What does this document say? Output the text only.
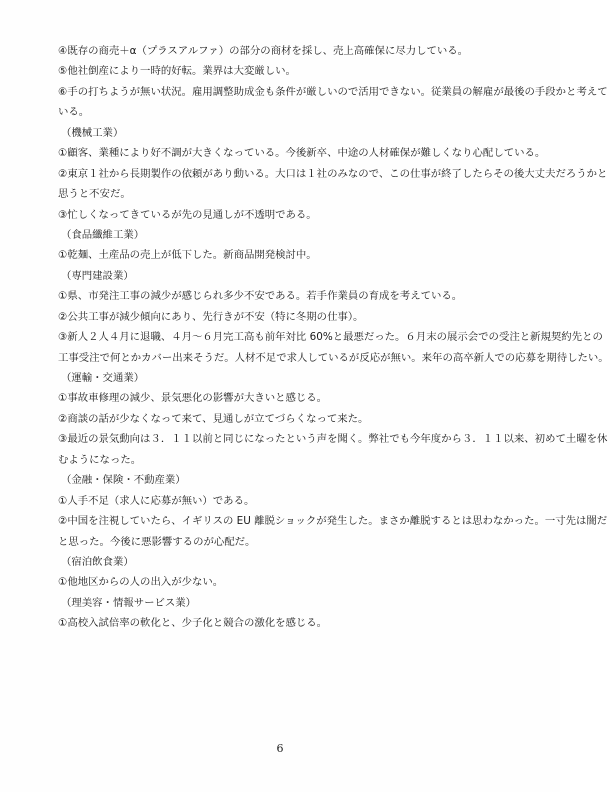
④既存の商売＋α（プラスアルファ）の部分の商材を採し、売上高確保に尽力している。
⑤他社倒産により一時的好転。業界は大変厳しい。
⑥手の打ちようが無い状況。雇用調整助成金も条件が厳しいので活用できない。従業員の解雇が最後の手段かと考えて
いる。
（機械工業）
①顧客、業種により好不調が大きくなっている。今後新卒、中途の人材確保が難しくなり心配している。
②東京１社から長期製作の依頼があり動いる。大口は１社のみなので、この仕事が終了したらその後大丈夫だろうかと
思うと不安だ。
③忙しくなってきているが先の見通しが不透明である。
（食品纖維工業）
①乾麺、土産品の売上が低下した。新商品開発検討中。
（専門建設業）
①県、市発注工事の減少が感じられ多少不安である。若手作業員の育成を考えている。
②公共工事が減少傾向にあり、先行きが不安（特に冬期の仕事）。
③新人２人４月に退職、４月～６月完工高も前年対比 60%と最悪だった。６月末の展示会での受注と新規契約先との
工事受注で何とかカバー出来そうだ。人材不足で求人しているが反応が無い。来年の高卒新人での応募を期待したい。
（運輸・交通業）
①事故車修理の減少、景気悪化の影響が大きいと感じる。
②商談の話が少なくなって来て、見通しが立てづらくなって来た。
③最近の景気動向は３．１１以前と同じになったという声を聞く。弊社でも今年度から３．１１以来、初めて土曜を休
むようになった。
（金融・保険・不動産業）
①人手不足（求人に応募が無い）である。
②中国を注視していたら、イギリスの EU 離脱ショックが発生した。まさか離脱するとは思わなかった。一寸先は闇だ
と思った。今後に悪影響するのが心配だ。
（宿泊飲食業）
①他地区からの人の出入が少ない。
（理美容・情報サービス業）
①高校入試倍率の軟化と、少子化と競合の激化を感じる。
6
